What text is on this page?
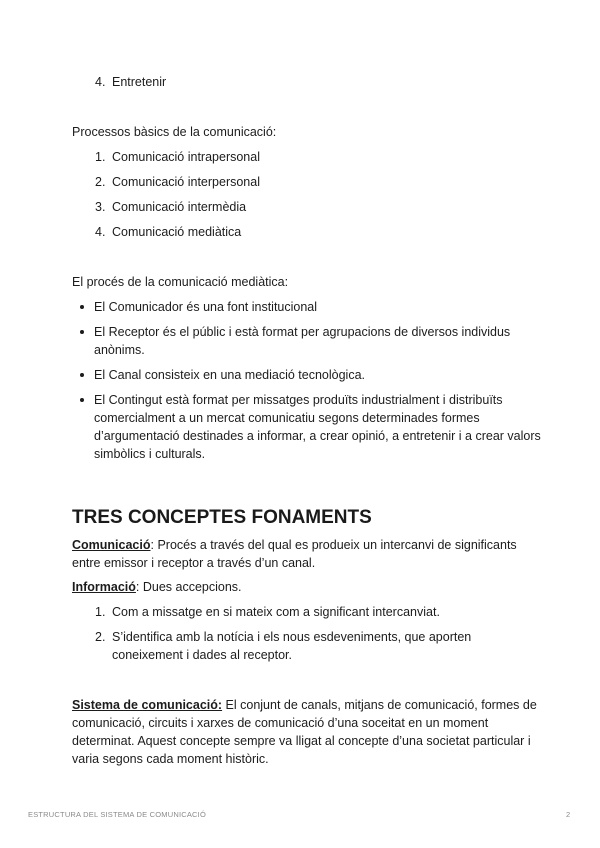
4. Entretenir

Processos bàsics de la comunicació:

1. Comunicació intrapersonal
2. Comunicació interpersonal
3. Comunicació intermèdia
4. Comunicació mediàtica

El procés de la comunicació mediàtica:

El Comunicador és una font institucional
El Receptor és el públic i està format per agrupacions de diversos individus anònims.
El Canal consisteix en una mediació tecnològica.
El Contingut està format per missatges produïts industrialment i distribuïts comercialment a un mercat comunicatiu segons determinades formes d’argumentació destinades a informar, a crear opinió, a entretenir i a crear valors simbòlics i culturals.
TRES CONCEPTES FONAMENTS

Comunicació: Procés a través del qual es produeix un intercanvi de significants entre emissor i receptor a través d’un canal.

Informació: Dues accepcions.

1. Com a missatge en si mateix com a significant intercanviat.
2. S’identifica amb la notícia i els nous esdeveniments, que aporten coneixement i dades al receptor.

Sistema de comunicació: El conjunt de canals, mitjans de comunicació, formes de comunicació, circuits i xarxes de comunicació d’una soceitat en un moment determinat. Aquest concepte sempre va lligat al concepte d’una societat particular i varia segons cada moment històric.

ESTRUCTURA DEL SISTEMA DE COMUNICACIÓ	2
